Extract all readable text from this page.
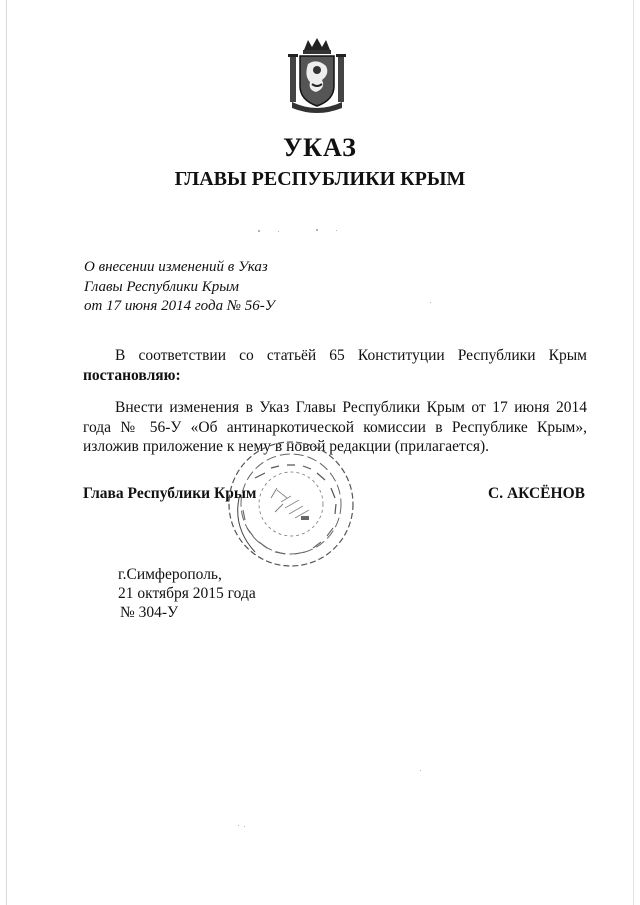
УКАЗ
ГЛАВЫ РЕСПУБЛИКИ КРЫМ
О внесении изменений в Указ
Главы Республики Крым
от 17 июня 2014 года № 56-У
В соответствии со статьёй 65 Конституции Республики Крым
постановляю:
Внести изменения в Указ Главы Республики Крым от 17 июня 2014 года № 56-У «Об антинаркотической комиссии в Республике Крым», изложив приложение к нему в новой редакции (прилагается).
Глава Республики Крым	С. АКСЁНОВ
г.Симферополь,
21 октября 2015 года
№ 304-У
